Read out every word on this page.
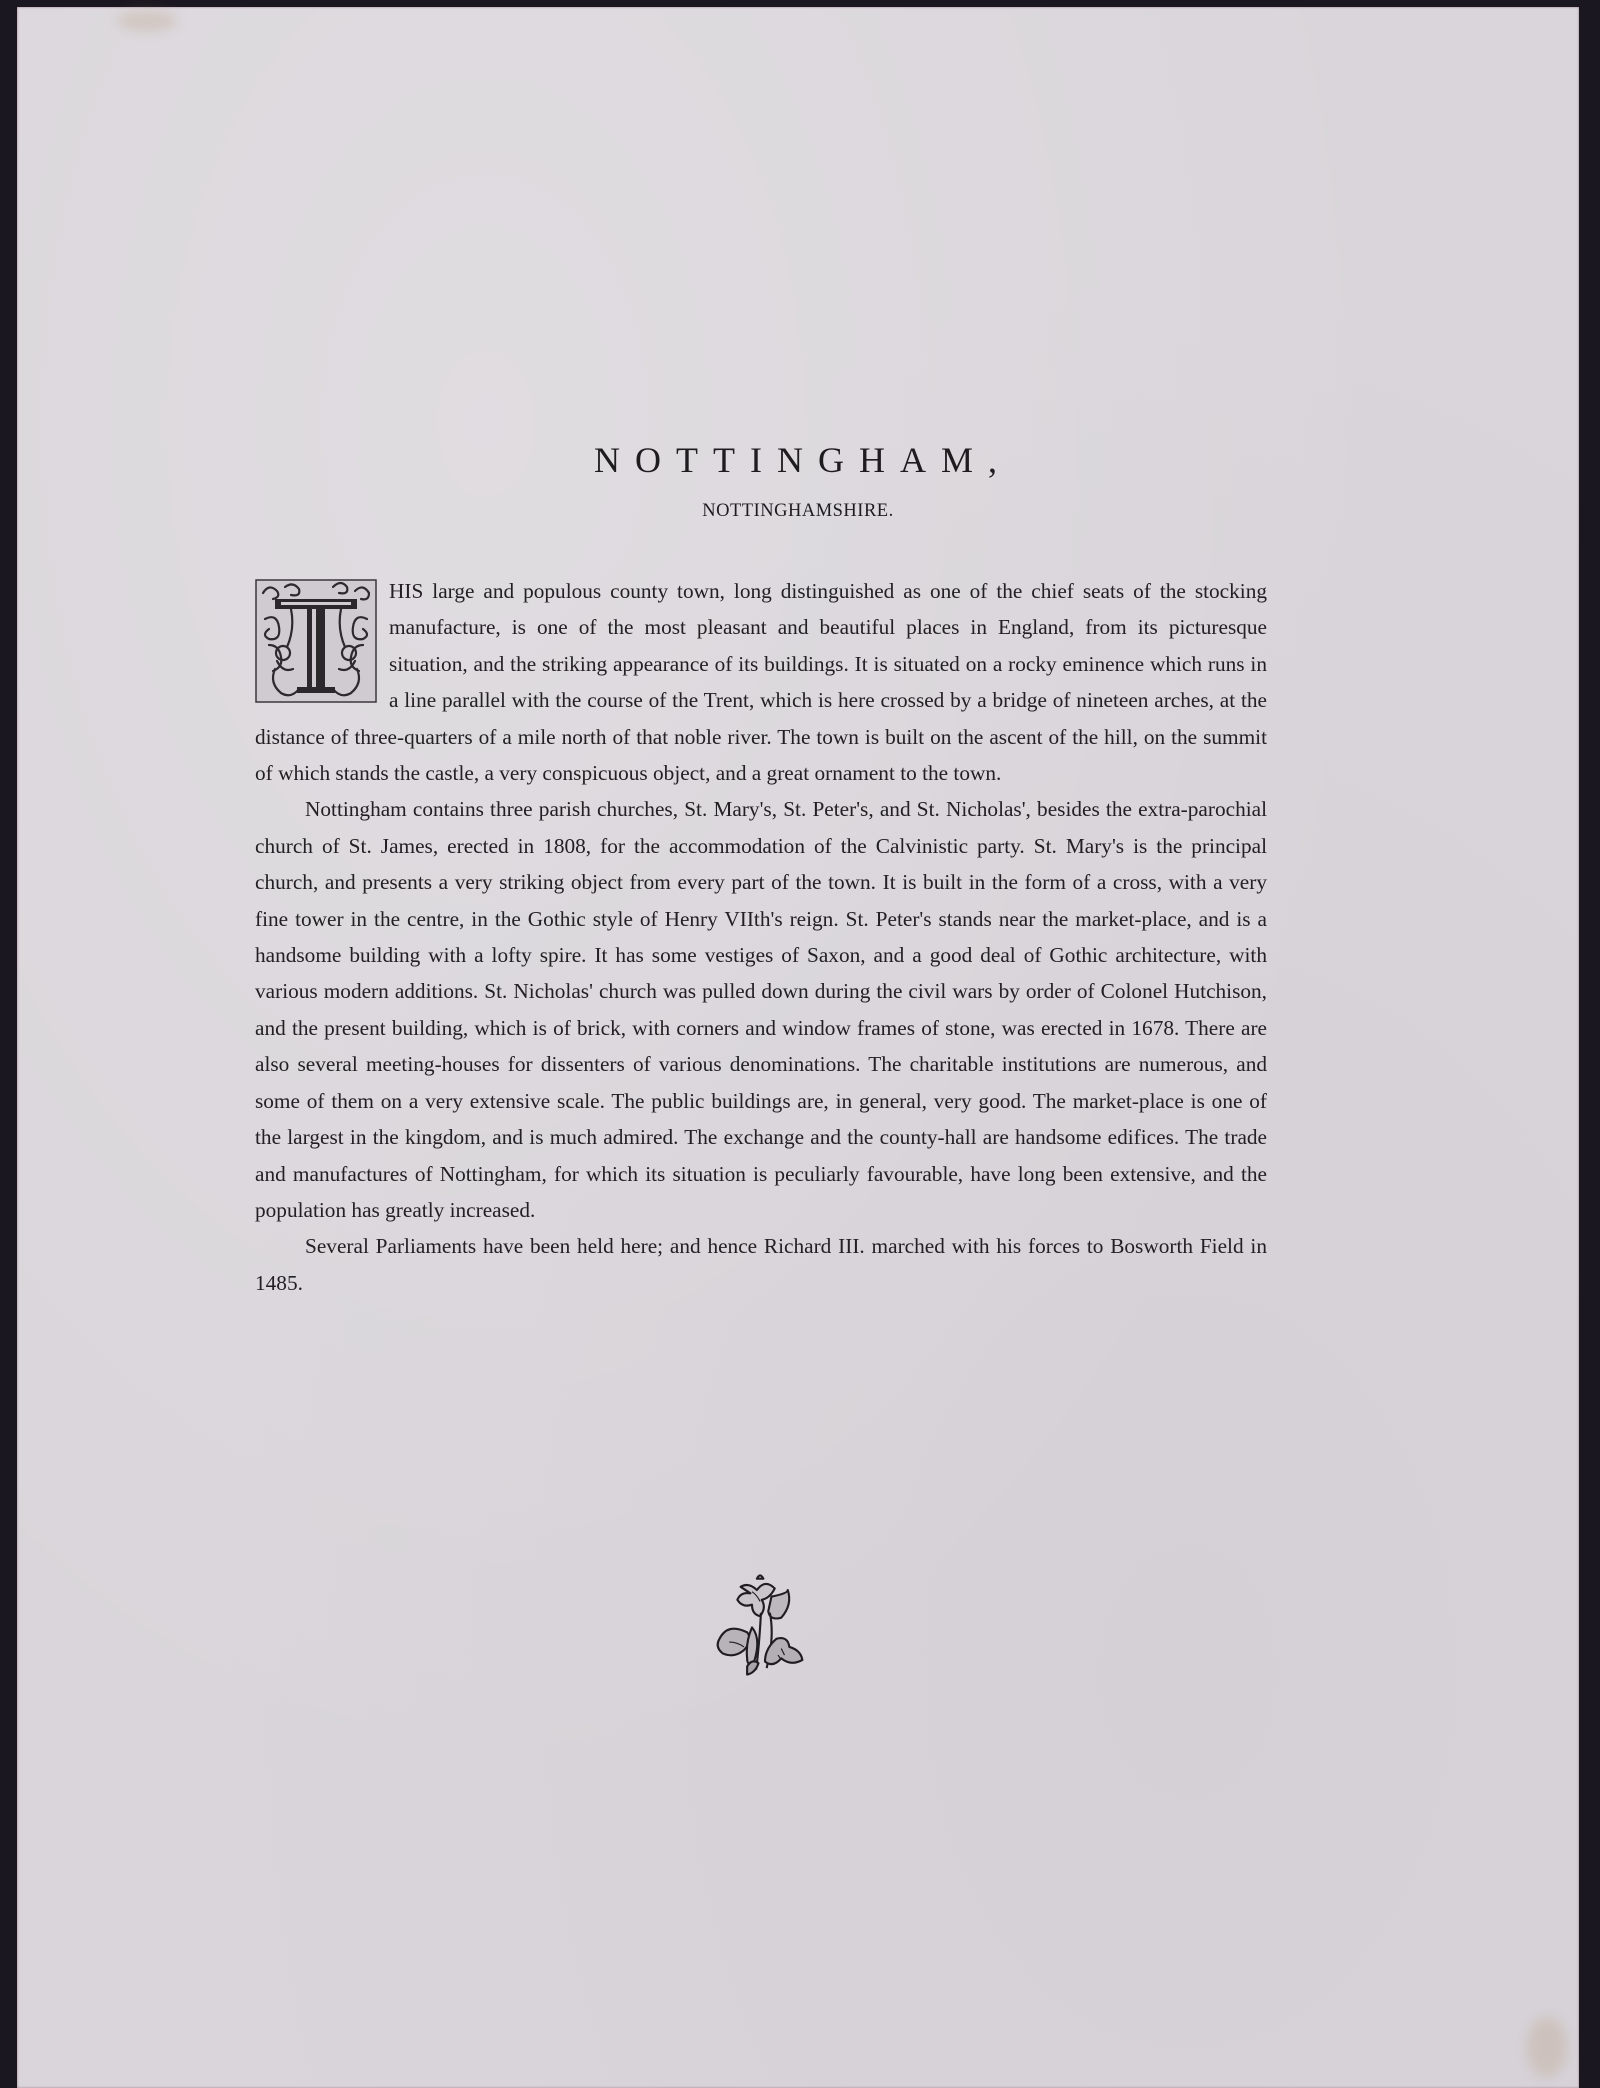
NOTTINGHAM,
NOTTINGHAMSHIRE.

HIS large and populous county town, long distinguished as one of the chief seats of the stocking manufacture, is one of the most pleasant and beautiful places in England, from its picturesque situation, and the striking appearance of its buildings. It is situated on a rocky eminence which runs in a line parallel with the course of the Trent, which is here crossed by a bridge of nineteen arches, at the distance of three-quarters of a mile north of that noble river. The town is built on the ascent of the hill, on the summit of which stands the castle, a very conspicuous object, and a great ornament to the town.

Nottingham contains three parish churches, St. Mary's, St. Peter's, and St. Nicholas', besides the extra-parochial church of St. James, erected in 1808, for the accommodation of the Calvinistic party. St. Mary's is the principal church, and presents a very striking object from every part of the town. It is built in the form of a cross, with a very fine tower in the centre, in the Gothic style of Henry VIIth's reign. St. Peter's stands near the market-place, and is a handsome building with a lofty spire. It has some vestiges of Saxon, and a good deal of Gothic architecture, with various modern additions. St. Nicholas' church was pulled down during the civil wars by order of Colonel Hutchison, and the present building, which is of brick, with corners and window frames of stone, was erected in 1678. There are also several meeting-houses for dissenters of various denominations. The charitable institutions are numerous, and some of them on a very extensive scale. The public buildings are, in general, very good. The market-place is one of the largest in the kingdom, and is much admired. The exchange and the county-hall are handsome edifices. The trade and manufactures of Nottingham, for which its situation is peculiarly favourable, have long been extensive, and the population has greatly increased.

Several Parliaments have been held here; and hence Richard III. marched with his forces to Bosworth Field in 1485.
